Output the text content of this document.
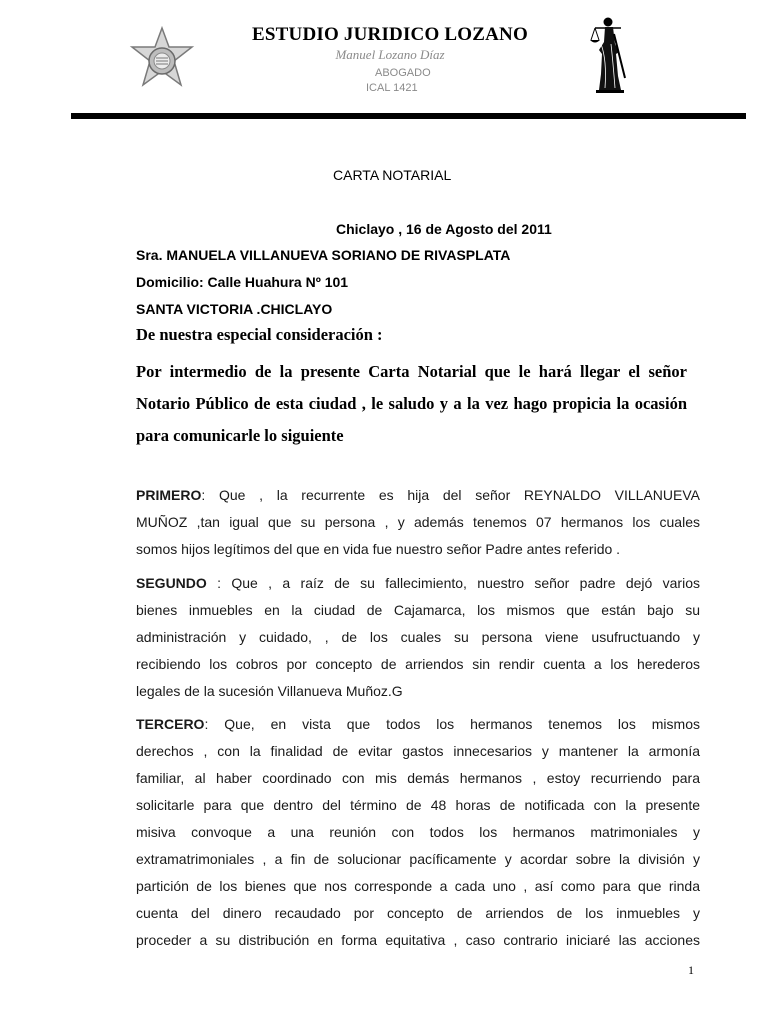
ESTUDIO JURIDICO LOZANO
Manuel Lozano Díaz
ABOGADO
ICAL 1421
CARTA NOTARIAL
Chiclayo , 16 de Agosto del 2011
Sra. MANUELA VILLANUEVA SORIANO DE RIVASPLATA
Domicilio: Calle Huahura Nº 101
SANTA VICTORIA .CHICLAYO
De nuestra especial consideración :
Por intermedio de la presente Carta Notarial que le hará llegar el señor
Notario Público de esta ciudad , le saludo y a la vez hago propicia la ocasión
para comunicarle lo siguiente
PRIMERO: Que , la recurrente es hija del señor REYNALDO VILLANUEVA
MUÑOZ ,tan igual que su persona , y además tenemos 07 hermanos los cuales
somos hijos legítimos del que en vida fue nuestro señor Padre antes referido .
SEGUNDO : Que , a raíz de su fallecimiento, nuestro señor padre dejó varios
bienes inmuebles en la ciudad de Cajamarca, los mismos que están bajo su
administración y cuidado, , de los cuales su persona viene usufructuando y
recibiendo los cobros por concepto de arriendos sin rendir cuenta a los herederos
legales de la sucesión Villanueva Muñoz.G
TERCERO: Que, en vista que todos los hermanos tenemos los mismos
derechos , con la finalidad de evitar gastos innecesarios y mantener la armonía
familiar, al haber coordinado con mis demás hermanos , estoy recurriendo para
solicitarle para que dentro del término de 48 horas de notificada con la presente
misiva convoque a una reunión con todos los hermanos matrimoniales y
extramatrimoniales , a fin de solucionar pacíficamente y acordar sobre la división y
partición de los bienes que nos corresponde a cada uno , así como para que rinda
cuenta del dinero recaudado por concepto de arriendos de los inmuebles y
proceder a su distribución en forma equitativa , caso contrario iniciaré las acciones
1
